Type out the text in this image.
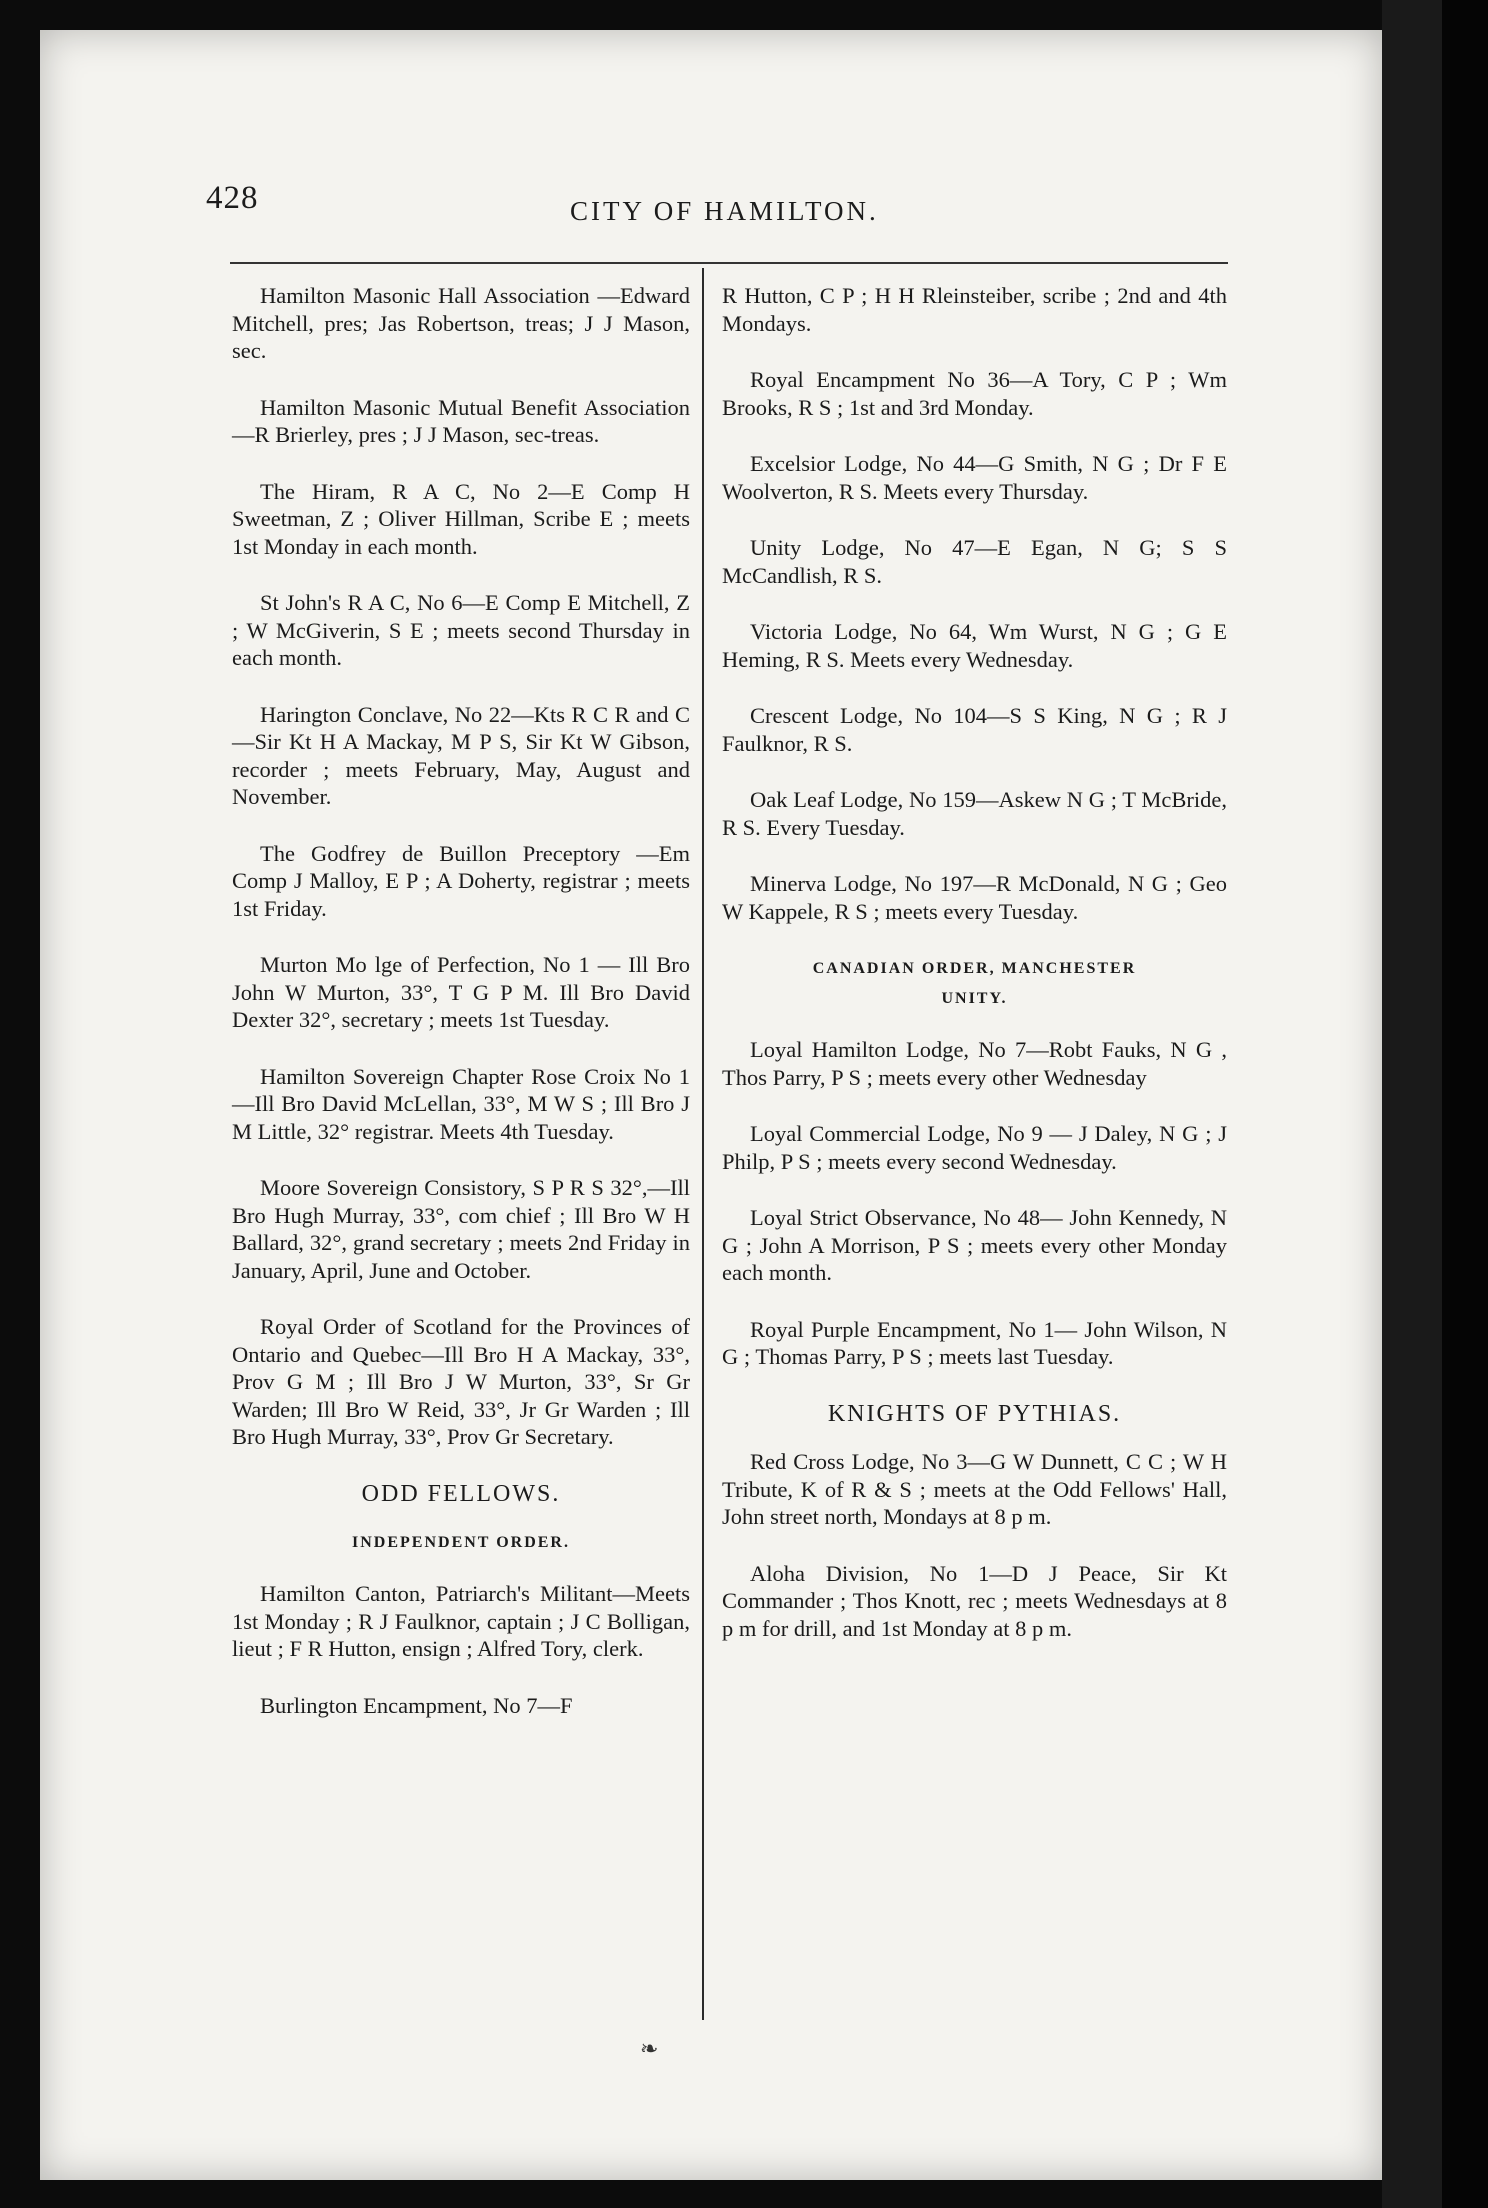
428	CITY OF HAMILTON.

Hamilton Masonic Hall Association —Edward Mitchell, pres; Jas Robertson, treas; J J Mason, sec.

Hamilton Masonic Mutual Benefit Association—R Brierley, pres ; J J Mason, sec-treas.

The Hiram, R A C, No 2—E Comp H Sweetman, Z ; Oliver Hillman, Scribe E ; meets 1st Monday in each month.

St John's R A C, No 6—E Comp E Mitchell, Z ; W McGiverin, S E ; meets second Thursday in each month.

Harington Conclave, No 22—Kts R C R and C—Sir Kt H A Mackay, M P S, Sir Kt W Gibson, recorder ; meets February, May, August and November.

The Godfrey de Buillon Preceptory —Em Comp J Malloy, E P ; A Doherty, registrar ; meets 1st Friday.

Murton Mo lge of Perfection, No 1 — Ill Bro John W Murton, 33°, T G P M. Ill Bro David Dexter 32°, secretary ; meets 1st Tuesday.

Hamilton Sovereign Chapter Rose Croix No 1—Ill Bro David McLellan, 33°, M W S ; Ill Bro J M Little, 32° registrar. Meets 4th Tuesday.

Moore Sovereign Consistory, S P R S 32°,—Ill Bro Hugh Murray, 33°, com chief ; Ill Bro W H Ballard, 32°, grand secretary ; meets 2nd Friday in January, April, June and October.

Royal Order of Scotland for the Provinces of Ontario and Quebec—Ill Bro H A Mackay, 33°, Prov G M ; Ill Bro J W Murton, 33°, Sr Gr Warden; Ill Bro W Reid, 33°, Jr Gr Warden ; Ill Bro Hugh Murray, 33°, Prov Gr Secretary.

ODD FELLOWS.
INDEPENDENT ORDER.

Hamilton Canton, Patriarch's Militant—Meets 1st Monday ; R J Faulknor, captain ; J C Bolligan, lieut ; F R Hutton, ensign ; Alfred Tory, clerk.

Burlington Encampment, No 7—F

R Hutton, C P ; H H Rleinsteiber, scribe ; 2nd and 4th Mondays.

Royal Encampment No 36—A Tory, C P ; Wm Brooks, R S ; 1st and 3rd Monday.

Excelsior Lodge, No 44—G Smith, N G ; Dr F E Woolverton, R S. Meets every Thursday.

Unity Lodge, No 47—E Egan, N G; S S McCandlish, R S.

Victoria Lodge, No 64, Wm Wurst, N G ; G E Heming, R S. Meets every Wednesday.

Crescent Lodge, No 104—S S King, N G ; R J Faulknor, R S.

Oak Leaf Lodge, No 159—Askew N G ; T McBride, R S. Every Tuesday.

Minerva Lodge, No 197—R McDonald, N G ; Geo W Kappele, R S ; meets every Tuesday.

CANADIAN ORDER, MANCHESTER
UNITY.

Loyal Hamilton Lodge, No 7—Robt Fauks, N G , Thos Parry, P S ; meets every other Wednesday

Loyal Commercial Lodge, No 9 — J Daley, N G ; J Philp, P S ; meets every second Wednesday.

Loyal Strict Observance, No 48— John Kennedy, N G ; John A Morrison, P S ; meets every other Monday each month.

Royal Purple Encampment, No 1— John Wilson, N G ; Thomas Parry, P S ; meets last Tuesday.

KNIGHTS OF PYTHIAS.

Red Cross Lodge, No 3—G W Dunnett, C C ; W H Tribute, K of R & S ; meets at the Odd Fellows' Hall, John street north, Mondays at 8 p m.

Aloha Division, No 1—D J Peace, Sir Kt Commander ; Thos Knott, rec ; meets Wednesdays at 8 p m for drill, and 1st Monday at 8 p m.

❧
